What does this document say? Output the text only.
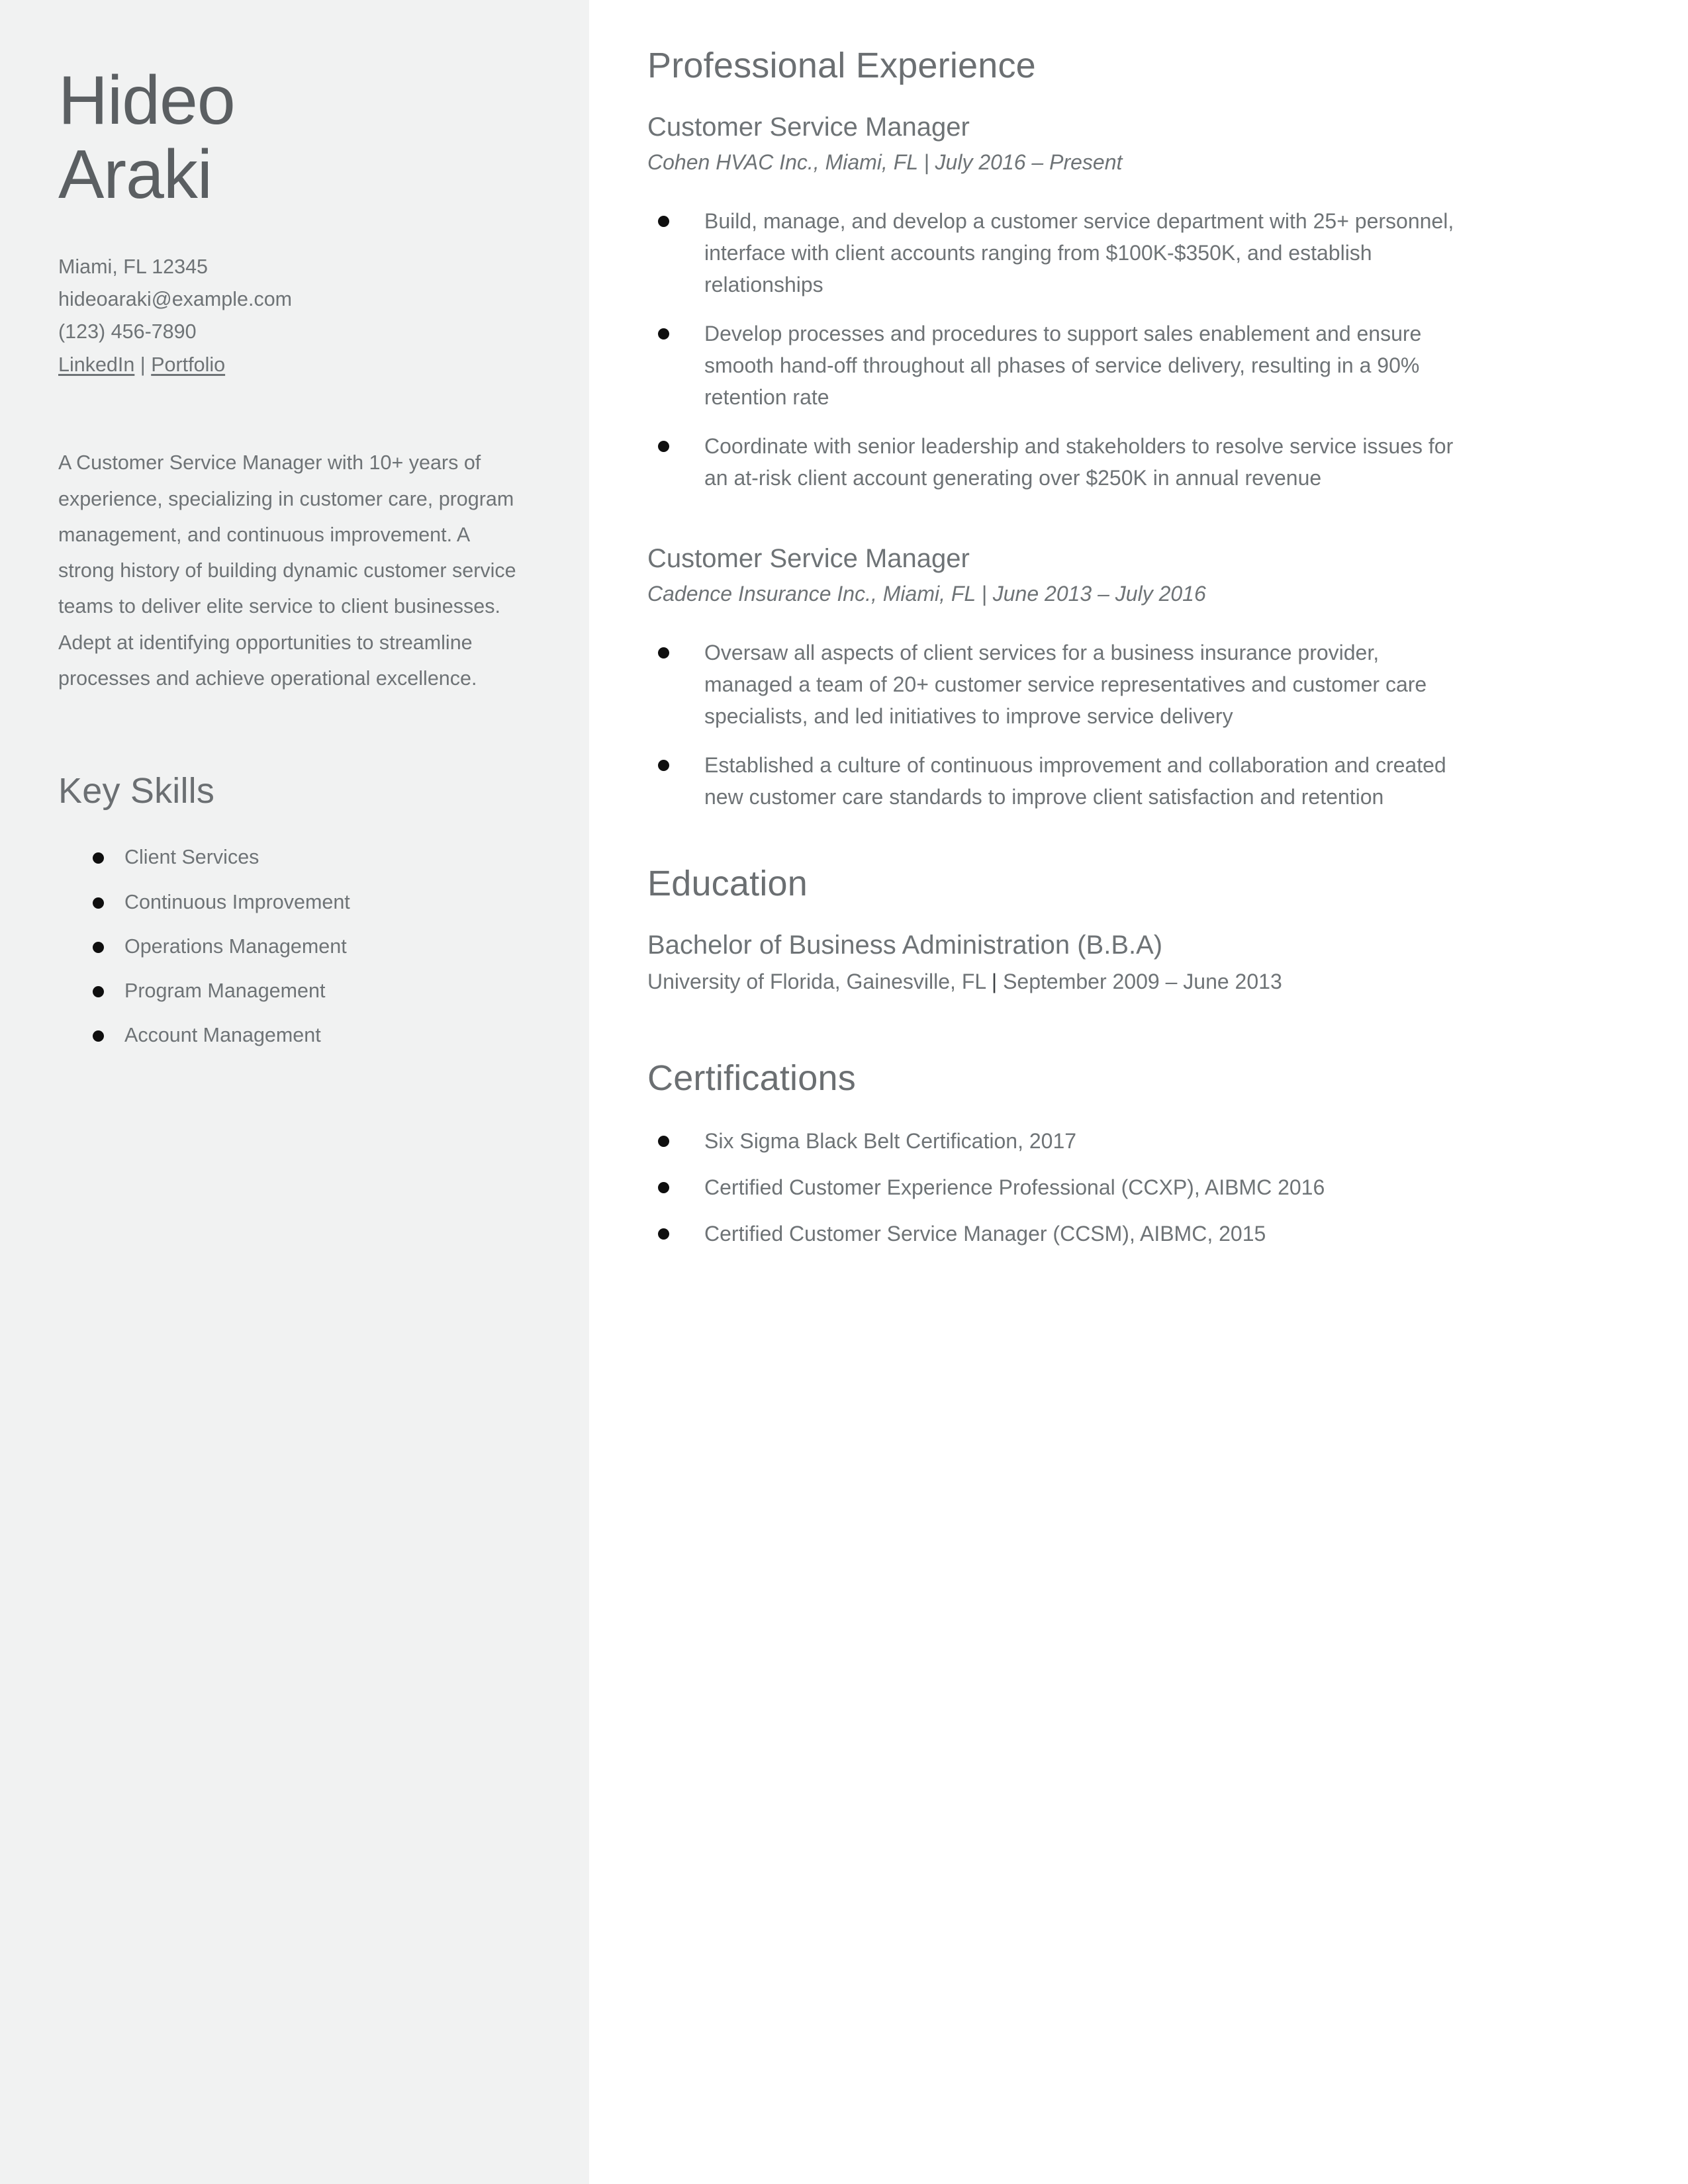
Hideo
Araki
Miami, FL 12345
hideoaraki@example.com
(123) 456-7890
LinkedIn | Portfolio
A Customer Service Manager with 10+ years of experience, specializing in customer care, program management, and continuous improvement. A strong history of building dynamic customer service teams to deliver elite service to client businesses. Adept at identifying opportunities to streamline processes and achieve operational excellence.
Key Skills
Client Services
Continuous Improvement
Operations Management
Program Management
Account Management
Professional Experience
Customer Service Manager
Cohen HVAC Inc., Miami, FL | July 2016 – Present
Build, manage, and develop a customer service department with 25+ personnel, interface with client accounts ranging from $100K-$350K, and establish relationships
Develop processes and procedures to support sales enablement and ensure smooth hand-off throughout all phases of service delivery, resulting in a 90% retention rate
Coordinate with senior leadership and stakeholders to resolve service issues for an at-risk client account generating over $250K in annual revenue
Customer Service Manager
Cadence Insurance Inc., Miami, FL | June 2013 – July 2016
Oversaw all aspects of client services for a business insurance provider, managed a team of 20+ customer service representatives and customer care specialists, and led initiatives to improve service delivery
Established a culture of continuous improvement and collaboration and created new customer care standards to improve client satisfaction and retention
Education
Bachelor of Business Administration (B.B.A)
University of Florida, Gainesville, FL | September 2009 – June 2013
Certifications
Six Sigma Black Belt Certification, 2017
Certified Customer Experience Professional (CCXP), AIBMC 2016
Certified Customer Service Manager (CCSM), AIBMC, 2015
